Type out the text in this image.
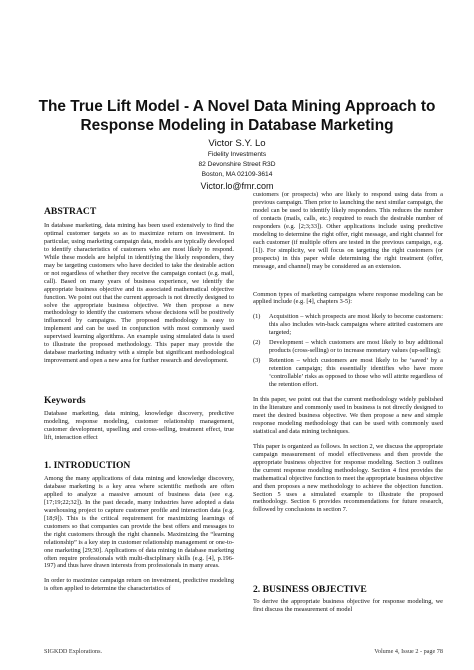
The True Lift Model - A Novel Data Mining Approach to
Response Modeling in Database Marketing
Victor S.Y. Lo
Fidelity Investments
82 Devonshire Street R3D
Boston, MA 02109-3614
Victor.lo@fmr.com
ABSTRACT

In database marketing, data mining has been used extensively to find the optimal customer targets so as to maximize return on investment. In particular, using marketing campaign data, models are typically developed to identify characteristics of customers who are most likely to respond. While these models are helpful in identifying the likely responders, they may be targeting customers who have decided to take the desirable action or not regardless of whether they receive the campaign contact (e.g. mail, call). Based on many years of business experience, we identify the appropriate business objective and its associated mathematical objective function. We point out that the current approach is not directly designed to solve the appropriate business objective. We then propose a new methodology to identify the customers whose decisions will be positively influenced by campaigns. The proposed methodology is easy to implement and can be used in conjunction with most commonly used supervised learning algorithms. An example using simulated data is used to illustrate the proposed methodology. This paper may provide the database marketing industry with a simple but significant methodological improvement and open a new area for further research and development.

Keywords

Database marketing, data mining, knowledge discovery, predictive modeling, response modeling, customer relationship management, customer development, upselling and cross-selling, treatment effect, true lift, interaction effect

1. INTRODUCTION

Among the many applications of data mining and knowledge discovery, database marketing is a key area where scientific methods are often applied to analyze a massive amount of business data (see e.g. [17;19;22;32]). In the past decade, many industries have adopted a data warehousing project to capture customer profile and interaction data (e.g. [18;9]). This is the critical requirement for maximizing learnings of customers so that companies can provide the best offers and messages to the right customers through the right channels. Maximizing the “learning relationship” is a key step in customer relationship management or one-to-one marketing [29;30]. Applications of data mining in database marketing often require professionals with multi-disciplinary skills (e.g. [4], p.196-197) and thus have drawn interests from professionals in many areas.

In order to maximize campaign return on investment, predictive modeling is often applied to determine the characteristics of

customers (or prospects) who are likely to respond using data from a previous campaign. Then prior to launching the next similar campaign, the model can be used to identify likely responders. This reduces the number of contacts (mails, calls, etc.) required to reach the desirable number of responders (e.g. [2;3;33]). Other applications include using predictive modeling to determine the right offer, right message, and right channel for each customer (if multiple offers are tested in the previous campaign, e.g. [1]). For simplicity, we will focus on targeting the right customers (or prospects) in this paper while determining the right treatment (offer, message, and channel) may be considered as an extension.

Common types of marketing campaigns where response modeling can be applied include (e.g. [4], chapters 3-5):

(1) Acquisition – which prospects are most likely to become customers: this also includes win-back campaigns where attrited customers are targeted;
(2) Development – which customers are most likely to buy additional products (cross-selling) or to increase monetary values (up-selling);
(3) Retention – which customers are most likely to be ‘saved’ by a retention campaign; this essentially identifies who have more ‘controllable’ risks as opposed to those who will attrite regardless of the retention effort.

In this paper, we point out that the current methodology widely published in the literature and commonly used in business is not directly designed to meet the desired business objective. We then propose a new and simple response modeling methodology that can be used with commonly used statistical and data mining techniques.

This paper is organized as follows. In section 2, we discuss the appropriate campaign measurement of model effectiveness and then provide the appropriate business objective for response modeling. Section 3 outlines the current response modeling methodology. Section 4 first provides the mathematical objective function to meet the appropriate business objective and then proposes a new methodology to achieve the objection function. Section 5 uses a simulated example to illustrate the proposed methodology. Section 6 provides recommendations for future research, followed by conclusions in section 7.

2. BUSINESS OBJECTIVE

To derive the appropriate business objective for response modeling, we first discuss the measurement of model

SIGKDD Explorations.	Volume 4, Issue 2 - page 78
